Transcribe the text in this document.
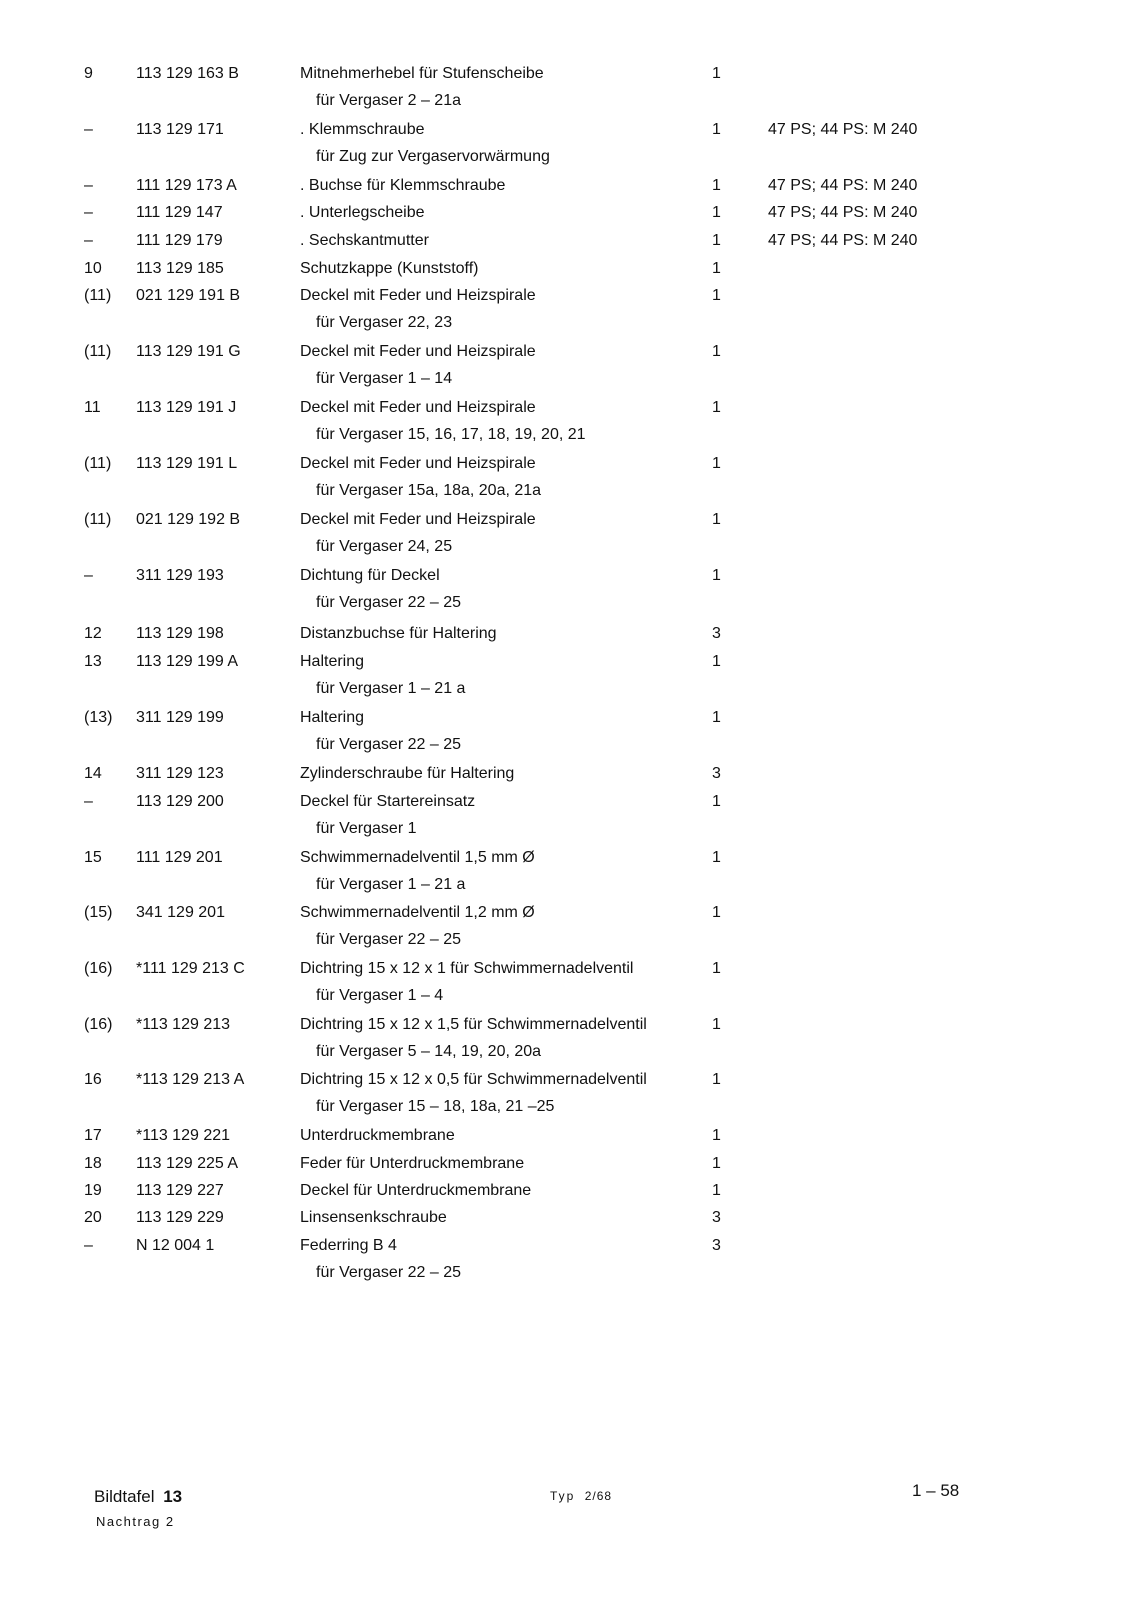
9	113 129 163 B	Mitnehmerhebel für Stufenscheibe	1
für Vergaser 2 – 21a
–	113 129 171	. Klemmschraube	1	47 PS; 44 PS: M 240
für Zug zur Vergaservorwärmung
–	111 129 173 A	. Buchse für Klemmschraube	1	47 PS; 44 PS: M 240
–	111 129 147	. Unterlegscheibe	1	47 PS; 44 PS: M 240
–	111 129 179	. Sechskantmutter	1	47 PS; 44 PS: M 240
10	113 129 185	Schutzkappe (Kunststoff)	1
(11)	021 129 191 B	Deckel mit Feder und Heizspirale	1
für Vergaser 22, 23
(11)	113 129 191 G	Deckel mit Feder und Heizspirale	1
für Vergaser 1 – 14
11	113 129 191 J	Deckel mit Feder und Heizspirale	1
für Vergaser 15, 16, 17, 18, 19, 20, 21
(11)	113 129 191 L	Deckel mit Feder und Heizspirale	1
für Vergaser 15a, 18a, 20a, 21a
(11)	021 129 192 B	Deckel mit Feder und Heizspirale	1
für Vergaser 24, 25
–	311 129 193	Dichtung für Deckel	1
für Vergaser 22 – 25
12	113 129 198	Distanzbuchse für Haltering	3
13	113 129 199 A	Haltering	1
für Vergaser 1 – 21 a
(13)	311 129 199	Haltering	1
für Vergaser 22 – 25
14	311 129 123	Zylinderschraube für Haltering	3
–	113 129 200	Deckel für Startereinsatz	1
für Vergaser 1
15	111 129 201	Schwimmernadelventil 1,5 mm Ø	1
für Vergaser 1 – 21 a
(15)	341 129 201	Schwimmernadelventil 1,2 mm Ø	1
für Vergaser 22 – 25
(16)	*111 129 213 C	Dichtring 15 x 12 x 1 für Schwimmernadelventil	1
für Vergaser 1 – 4
(16)	*113 129 213	Dichtring 15 x 12 x 1,5 für Schwimmernadelventil	1
für Vergaser 5 – 14, 19, 20, 20a
16	*113 129 213 A	Dichtring 15 x 12 x 0,5 für Schwimmernadelventil	1
für Vergaser 15 – 18, 18a, 21 –25
17	*113 129 221	Unterdruckmembrane	1
18	113 129 225 A	Feder für Unterdruckmembrane	1
19	113 129 227	Deckel für Unterdruckmembrane	1
20	113 129 229	Linsensenkschraube	3
–	N 12 004 1	Federring B 4	3
für Vergaser 22 – 25
Bildtafel 13
Nachtrag 2
Typ 2/68	1 – 58
